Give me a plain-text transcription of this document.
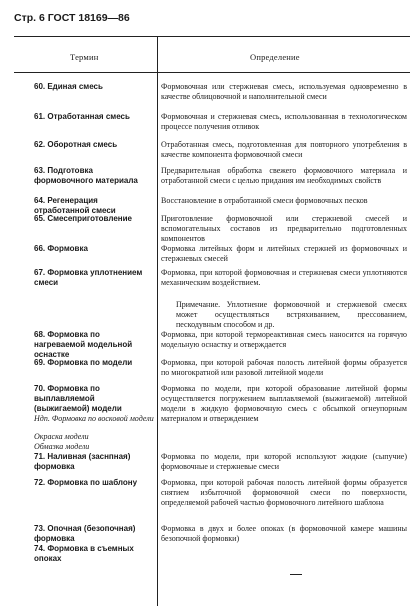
Стр. 6 ГОСТ 18169—86
Термин	Определение
60. Единая смесь
61. Отработанная смесь
62. Оборотная смесь
63. Подготовка формовочного материала
64. Регенерация отработанной смеси
65. Смесеприготовление
66. Формовка
67. Формовка уплотнением смеси
68. Формовка по нагреваемой модельной оснастке
69. Формовка по модели
70. Формовка по выплавляемой (выжигаемой) модели
Ндп. Формовка по восковой модели
Окраска модели
Обмазка модели
71. Наливная (заснпная) формовка
72. Формовка по шаблону
73. Опочная (безопочная) формовка
74. Формовка в съемных опоках
Формовочная или стержневая смесь, используемая одновременно в качестве облицовочной и наполнительной смеси
Формовочная и стержневая смесь, использованная в технологическом процессе получения отливок
Отработанная смесь, подготовленная для повторного употребления в качестве компонента формовочной смеси
Предварительная обработка свежего формовочного материала и отработанной смеси с целью придания им необходимых свойств
Восстановление в отработанной смеси формовочных песков
Приготовление формовочной или стержневой смесей и вспомогательных составов из предварительно подготовленных компонентов
Формовка литейных форм и литейных стержней из формовочных и стержневых смесей
Формовка, при которой формовочная и стержневая смеси уплотняются механическим воздействием.
Примечание. Уплотнение формовочной и стержневой смесях может осуществляться встряхиванием, прессованием, пескодувным способом и др.
Формовка, при которой термореактивная смесь наносится на горячую модельную оснастку и отверждается
Формовка, при которой рабочая полость литейной формы образуется по многократной или разовой литейной модели
Формовка по модели, при которой образование литейной формы осуществляется погружением выплавляемой (выжигаемой) литейной модели в жидкую формовочную смесь с обсыпкой огнеупорным материалом и отверждением
Формовка по модели, при которой используют жидкие (сыпучие) формовочные и стержневые смеси
Формовка, при которой рабочая полость литейной формы образуется снятием избыточной формовочной смеси по поверхности, определяемой рабочей частью формовочного литейного шаблона
Формовка в двух и более опоках (в формовочной камере машины безопочной формовки)
